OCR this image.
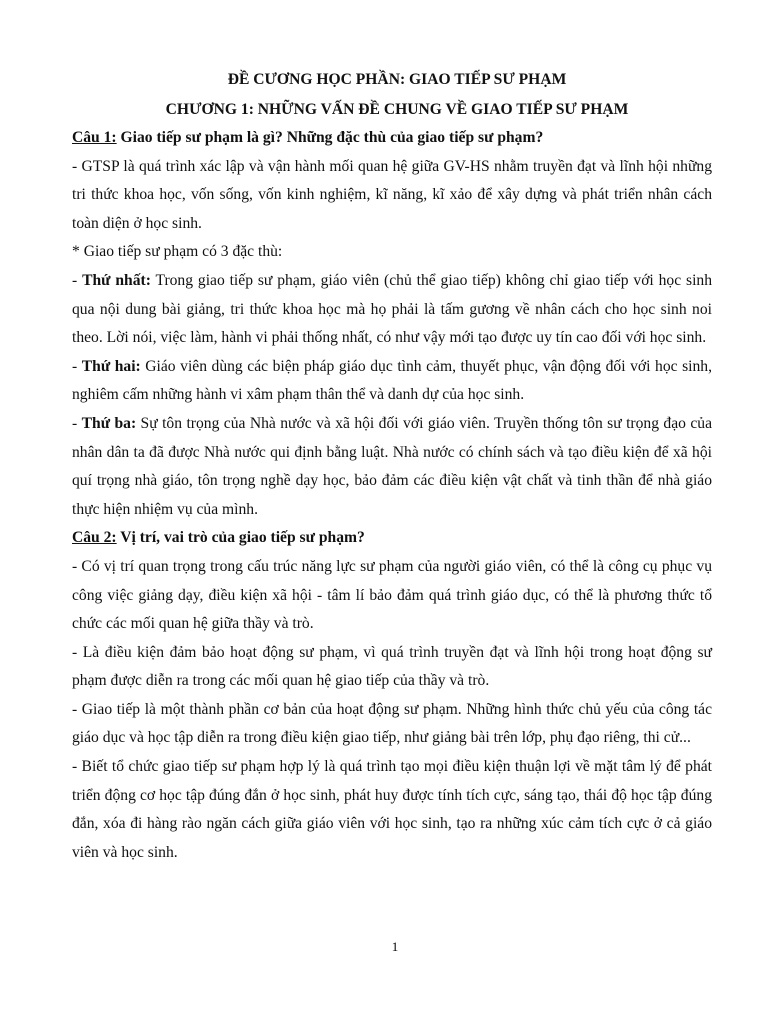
ĐỀ CƯƠNG HỌC PHẦN: GIAO TIẾP SƯ PHẠM

CHƯƠNG 1: NHỮNG VẤN ĐỀ CHUNG VỀ GIAO TIẾP SƯ PHẠM

Câu 1: Giao tiếp sư phạm là gì? Những đặc thù của giao tiếp sư phạm?

- GTSP là quá trình xác lập và vận hành mối quan hệ giữa GV-HS nhằm truyền đạt và lĩnh hội những tri thức khoa học, vốn sống, vốn kinh nghiệm, kĩ năng, kĩ xảo để xây dựng và phát triển nhân cách toàn diện ở học sinh.

* Giao tiếp sư phạm có 3 đặc thù:

- Thứ nhất: Trong giao tiếp sư phạm, giáo viên (chủ thể giao tiếp) không chỉ giao tiếp với học sinh qua nội dung bài giảng, tri thức khoa học mà họ phải là tấm gương về nhân cách cho học sinh noi theo. Lời nói, việc làm, hành vi phải thống nhất, có như vậy mới tạo được uy tín cao đối với học sinh.

- Thứ hai: Giáo viên dùng các biện pháp giáo dục tình cảm, thuyết phục, vận động đối với học sinh, nghiêm cấm những hành vi xâm phạm thân thể và danh dự của học sinh.

- Thứ ba: Sự tôn trọng của Nhà nước và xã hội đối với giáo viên. Truyền thống tôn sư trọng đạo của nhân dân ta đã được Nhà nước qui định bằng luật. Nhà nước có chính sách và tạo điều kiện để xã hội quí trọng nhà giáo, tôn trọng nghề dạy học, bảo đảm các điều kiện vật chất và tinh thần để nhà giáo thực hiện nhiệm vụ của mình.

Câu 2: Vị trí, vai trò của giao tiếp sư phạm?

- Có vị trí quan trọng trong cấu trúc năng lực sư phạm của người giáo viên, có thể là công cụ phục vụ công việc giảng dạy, điều kiện xã hội - tâm lí bảo đảm quá trình giáo dục, có thể là phương thức tổ chức các mối quan hệ giữa thầy và trò.

- Là điều kiện đảm bảo hoạt động sư phạm, vì quá trình truyền đạt và lĩnh hội trong hoạt động sư phạm được diễn ra trong các mối quan hệ giao tiếp của thầy và trò.

- Giao tiếp là một thành phần cơ bản của hoạt động sư phạm. Những hình thức chủ yếu của công tác giáo dục và học tập diễn ra trong điều kiện giao tiếp, như giảng bài trên lớp, phụ đạo riêng, thi cử...

- Biết tổ chức giao tiếp sư phạm hợp lý là quá trình tạo mọi điều kiện thuận lợi về mặt tâm lý để phát triển động cơ học tập đúng đắn ở học sinh, phát huy được tính tích cực, sáng tạo, thái độ học tập đúng đắn, xóa đi hàng rào ngăn cách giữa giáo viên với học sinh, tạo ra những xúc cảm tích cực ở cả giáo viên và học sinh.

1
